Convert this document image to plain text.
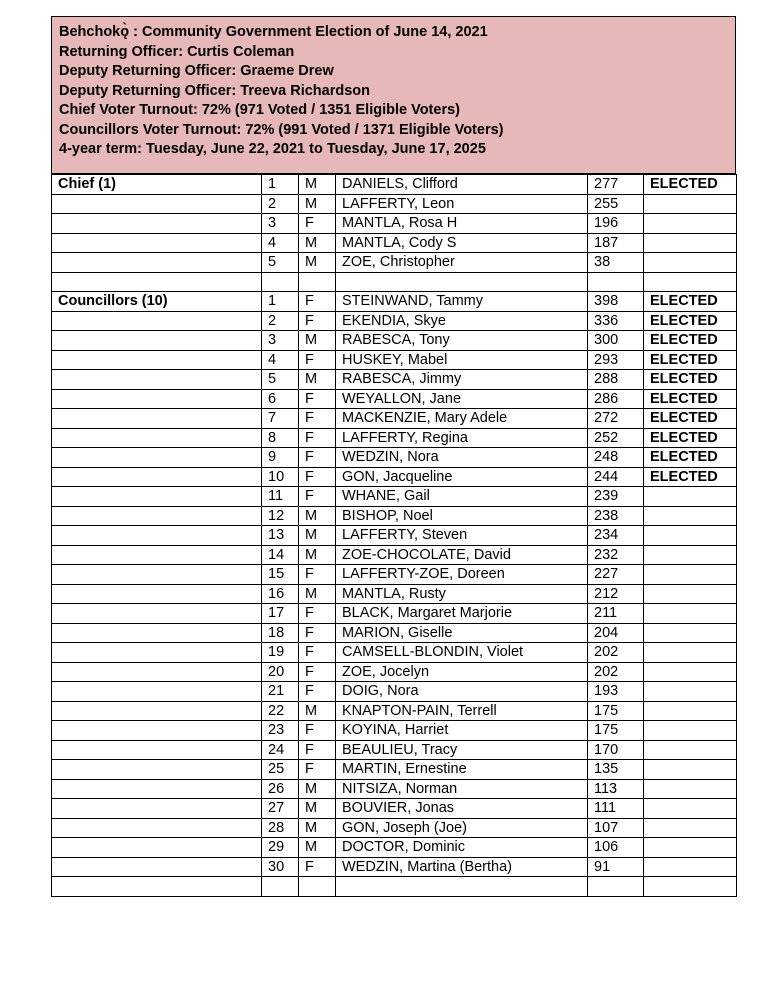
Behchokǫ̀ : Community Government Election of June 14, 2021
Returning Officer: Curtis Coleman
Deputy Returning Officer: Graeme Drew
Deputy Returning Officer: Treeva Richardson
Chief Voter Turnout: 72% (971 Voted / 1351 Eligible Voters)
Councillors Voter Turnout: 72% (991 Voted / 1371 Eligible Voters)
4-year term: Tuesday, June 22, 2021 to Tuesday, June 17, 2025
Chief (1)	1	M	DANIELS, Clifford	277	ELECTED
	2	M	LAFFERTY, Leon	255	
	3	F	MANTLA, Rosa H	196	
	4	M	MANTLA, Cody S	187	
	5	M	ZOE, Christopher	38	

Councillors (10)	1	F	STEINWAND, Tammy	398	ELECTED
	2	F	EKENDIA, Skye	336	ELECTED
	3	M	RABESCA, Tony	300	ELECTED
	4	F	HUSKEY, Mabel	293	ELECTED
	5	M	RABESCA, Jimmy	288	ELECTED
	6	F	WEYALLON, Jane	286	ELECTED
	7	F	MACKENZIE, Mary Adele	272	ELECTED
	8	F	LAFFERTY, Regina	252	ELECTED
	9	F	WEDZIN, Nora	248	ELECTED
	10	F	GON, Jacqueline	244	ELECTED
	11	F	WHANE, Gail	239	
	12	M	BISHOP, Noel	238	
	13	M	LAFFERTY, Steven	234	
	14	M	ZOE-CHOCOLATE, David	232	
	15	F	LAFFERTY-ZOE, Doreen	227	
	16	M	MANTLA, Rusty	212	
	17	F	BLACK, Margaret Marjorie	211	
	18	F	MARION, Giselle	204	
	19	F	CAMSELL-BLONDIN, Violet	202	
	20	F	ZOE, Jocelyn	202	
	21	F	DOIG, Nora	193	
	22	M	KNAPTON-PAIN, Terrell	175	
	23	F	KOYINA, Harriet	175	
	24	F	BEAULIEU, Tracy	170	
	25	F	MARTIN, Ernestine	135	
	26	M	NITSIZA, Norman	113	
	27	M	BOUVIER, Jonas	111	
	28	M	GON, Joseph (Joe)	107	
	29	M	DOCTOR, Dominic	106	
	30	F	WEDZIN, Martina (Bertha)	91	
